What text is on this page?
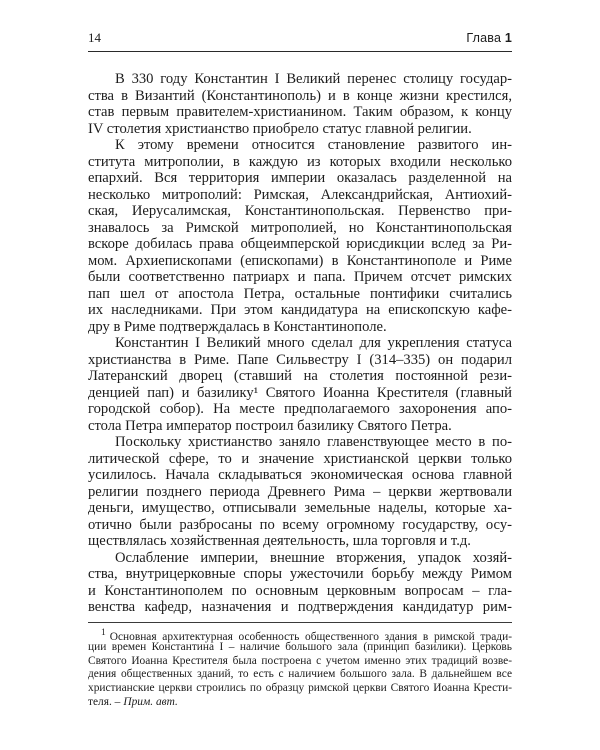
14	Глава 1
В 330 году Константин I Великий перенес столицу государ-
ства в Византий (Константинополь) и в конце жизни крестился,
став первым правителем-христианином. Таким образом, к концу
IV столетия христианство приобрело статус главной религии.
К этому времени относится становление развитого ин-
ститута митрополии, в каждую из которых входили несколько
епархий. Вся территория империи оказалась разделенной на
несколько митрополий: Римская, Александрийская, Антиохий-
ская, Иерусалимская, Константинопольская. Первенство при-
знавалось за Римской митрополией, но Константинопольская
вскоре добилась права общеимперской юрисдикции вслед за Ри-
мом. Архиепископами (епископами) в Константинополе и Риме
были соответственно патриарх и папа. Причем отсчет римских
пап шел от апостола Петра, остальные понтифики считались
их наследниками. При этом кандидатура на епископскую кафе-
дру в Риме подтверждалась в Константинополе.
Константин I Великий много сделал для укрепления статуса
христианства в Риме. Папе Сильвестру I (314–335) он подарил
Латеранский дворец (ставший на столетия постоянной рези-
денцией пап) и базилику¹ Святого Иоанна Крестителя (главный
городской собор). На месте предполагаемого захоронения апо-
стола Петра император построил базилику Святого Петра.
Поскольку христианство заняло главенствующее место в по-
литической сфере, то и значение христианской церкви только
усилилось. Начала складываться экономическая основа главной
религии позднего периода Древнего Рима – церкви жертвовали
деньги, имущество, отписывали земельные наделы, которые ха-
отично были разбросаны по всему огромному государству, осу-
ществлялась хозяйственная деятельность, шла торговля и т.д.
Ослабление империи, внешние вторжения, упадок хозяй-
ства, внутрицерковные споры ужесточили борьбу между Римом
и Константинополем по основным церковным вопросам – гла-
венства кафедр, назначения и подтверждения кандидатур рим-
$^1$ Основная архитектурная особенность общественного здания в римской тради-
ции времен Константина I – наличие большого зала (принцип базилики). Церковь
Святого Иоанна Крестителя была построена с учетом именно этих традиций возве-
дения общественных зданий, то есть с наличием большого зала. В дальнейшем все
христианские церкви строились по образцу римской церкви Святого Иоанна Крести-
теля. – Прим. авт.
